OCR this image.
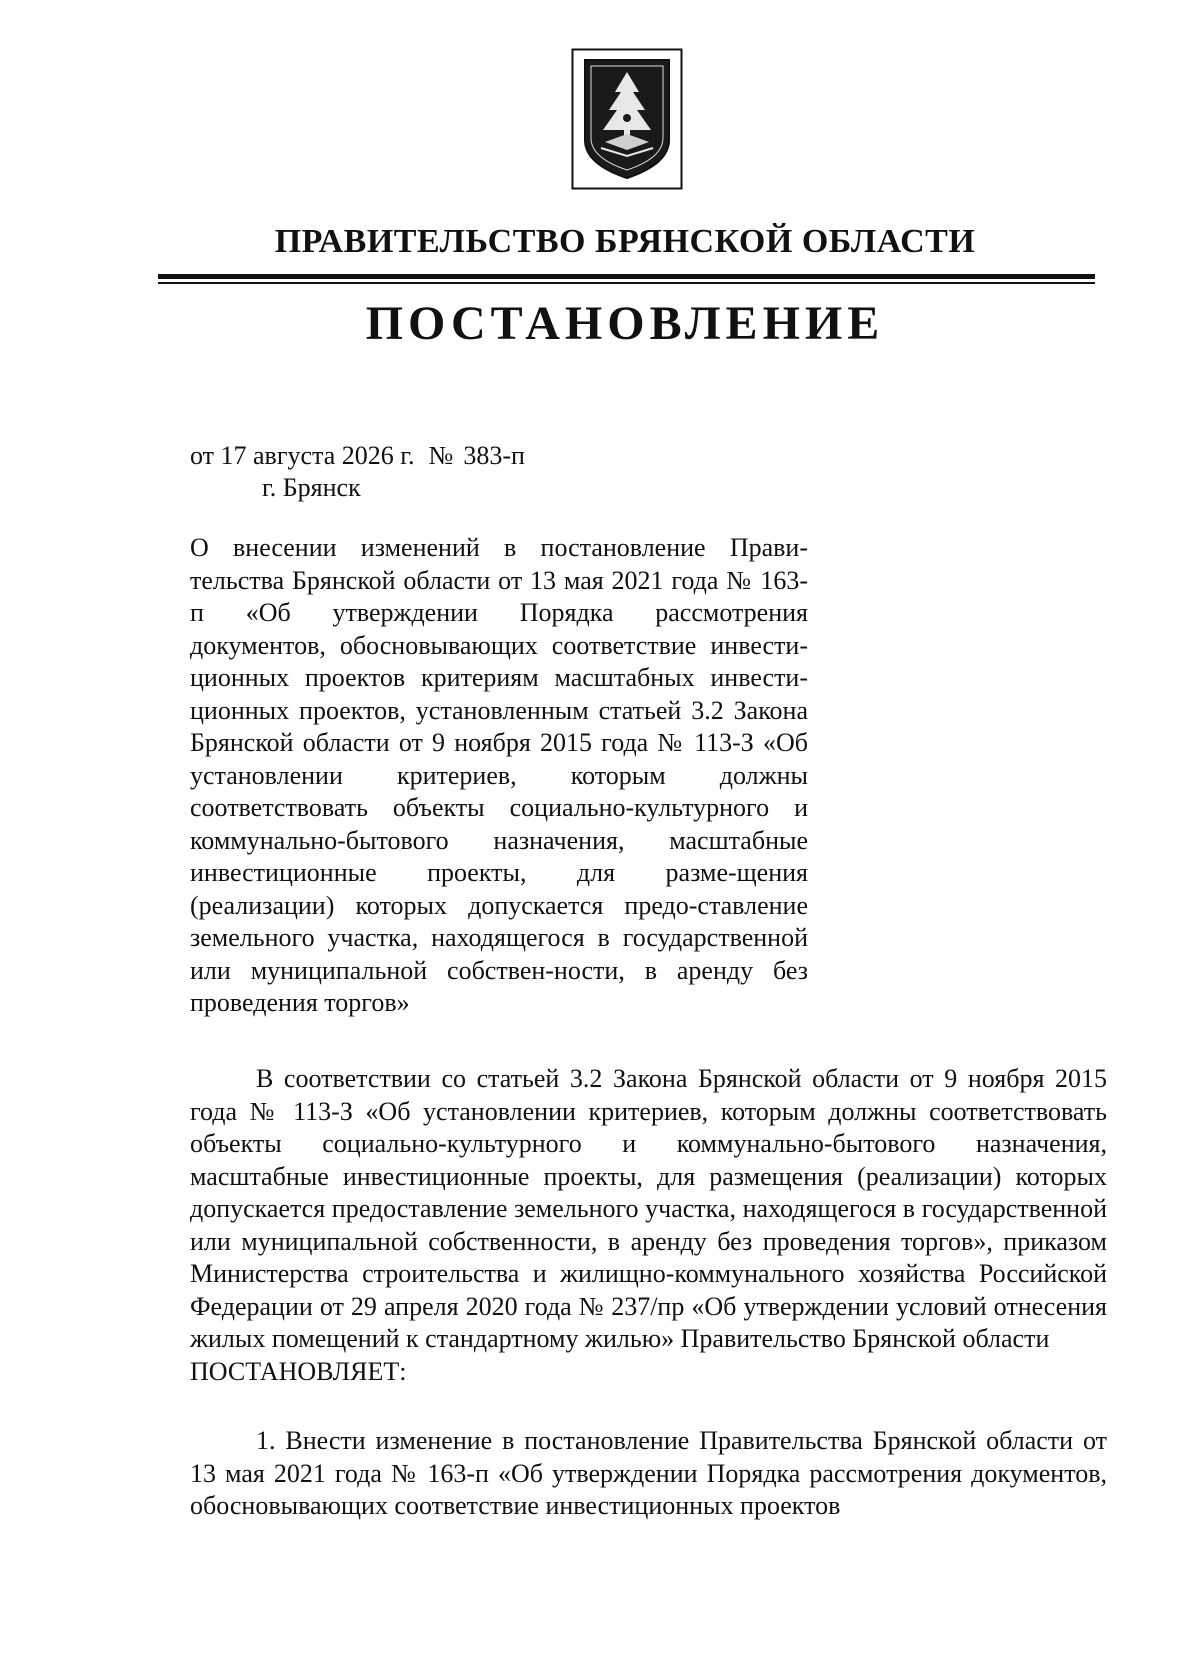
ПРАВИТЕЛЬСТВО БРЯНСКОЙ ОБЛАСТИ
ПОСТАНОВЛЕНИЕ
от 17 августа 2026 г. № 383-п
г. Брянск
О внесении изменений в постановление Прави-тельства Брянской области от 13 мая 2021 года № 163-п «Об утверждении Порядка рассмотрения документов, обосновывающих соответствие инвести-ционных проектов критериям масштабных инвести-ционных проектов, установленным статьей 3.2 Закона Брянской области от 9 ноября 2015 года № 113-З «Об установлении критериев, которым должны соответствовать объекты социально-культурного и коммунально-бытового назначения, масштабные инвестиционные проекты, для разме-щения (реализации) которых допускается предо-ставление земельного участка, находящегося в государственной или муниципальной собствен-ности, в аренду без проведения торгов»
В соответствии со статьей 3.2 Закона Брянской области от 9 ноября 2015 года № 113-З «Об установлении критериев, которым должны соответствовать объекты социально-культурного и коммунально-бытового назначения, масштабные инвестиционные проекты, для размещения (реализации) которых допускается предоставление земельного участка, находящегося в государственной или муниципальной собственности, в аренду без проведения торгов», приказом Министерства строительства и жилищно-коммунального хозяйства Российской Федерации от 29 апреля 2020 года № 237/пр «Об утверждении условий отнесения жилых помещений к стандартному жилью» Правительство Брянской области
ПОСТАНОВЛЯЕТ:
1. Внести изменение в постановление Правительства Брянской области от 13 мая 2021 года № 163-п «Об утверждении Порядка рассмотрения документов, обосновывающих соответствие инвестиционных проектов
